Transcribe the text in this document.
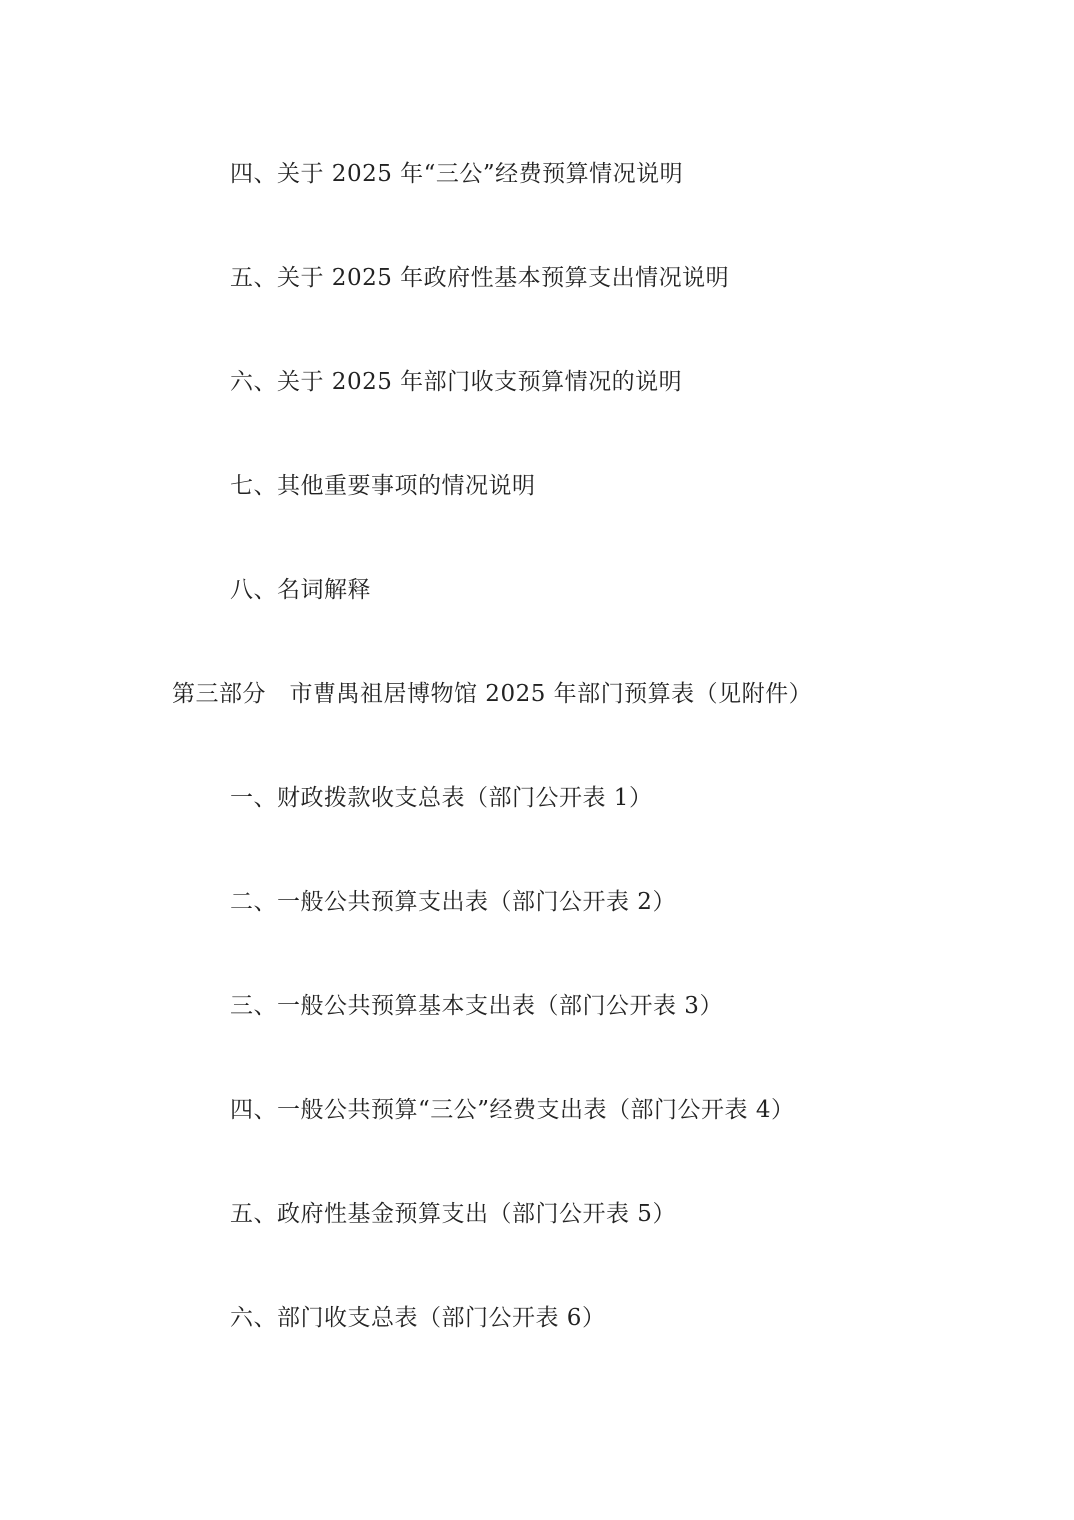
四、关于 2025 年“三公”经费预算情况说明
五、关于 2025 年政府性基本预算支出情况说明
六、关于 2025 年部门收支预算情况的说明
七、其他重要事项的情况说明
八、名词解释
第三部分　市曹禺祖居博物馆 2025 年部门预算表（见附件）
一、财政拨款收支总表（部门公开表 1）
二、一般公共预算支出表（部门公开表 2）
三、一般公共预算基本支出表（部门公开表 3）
四、一般公共预算“三公”经费支出表（部门公开表 4）
五、政府性基金预算支出（部门公开表 5）
六、部门收支总表（部门公开表 6）
